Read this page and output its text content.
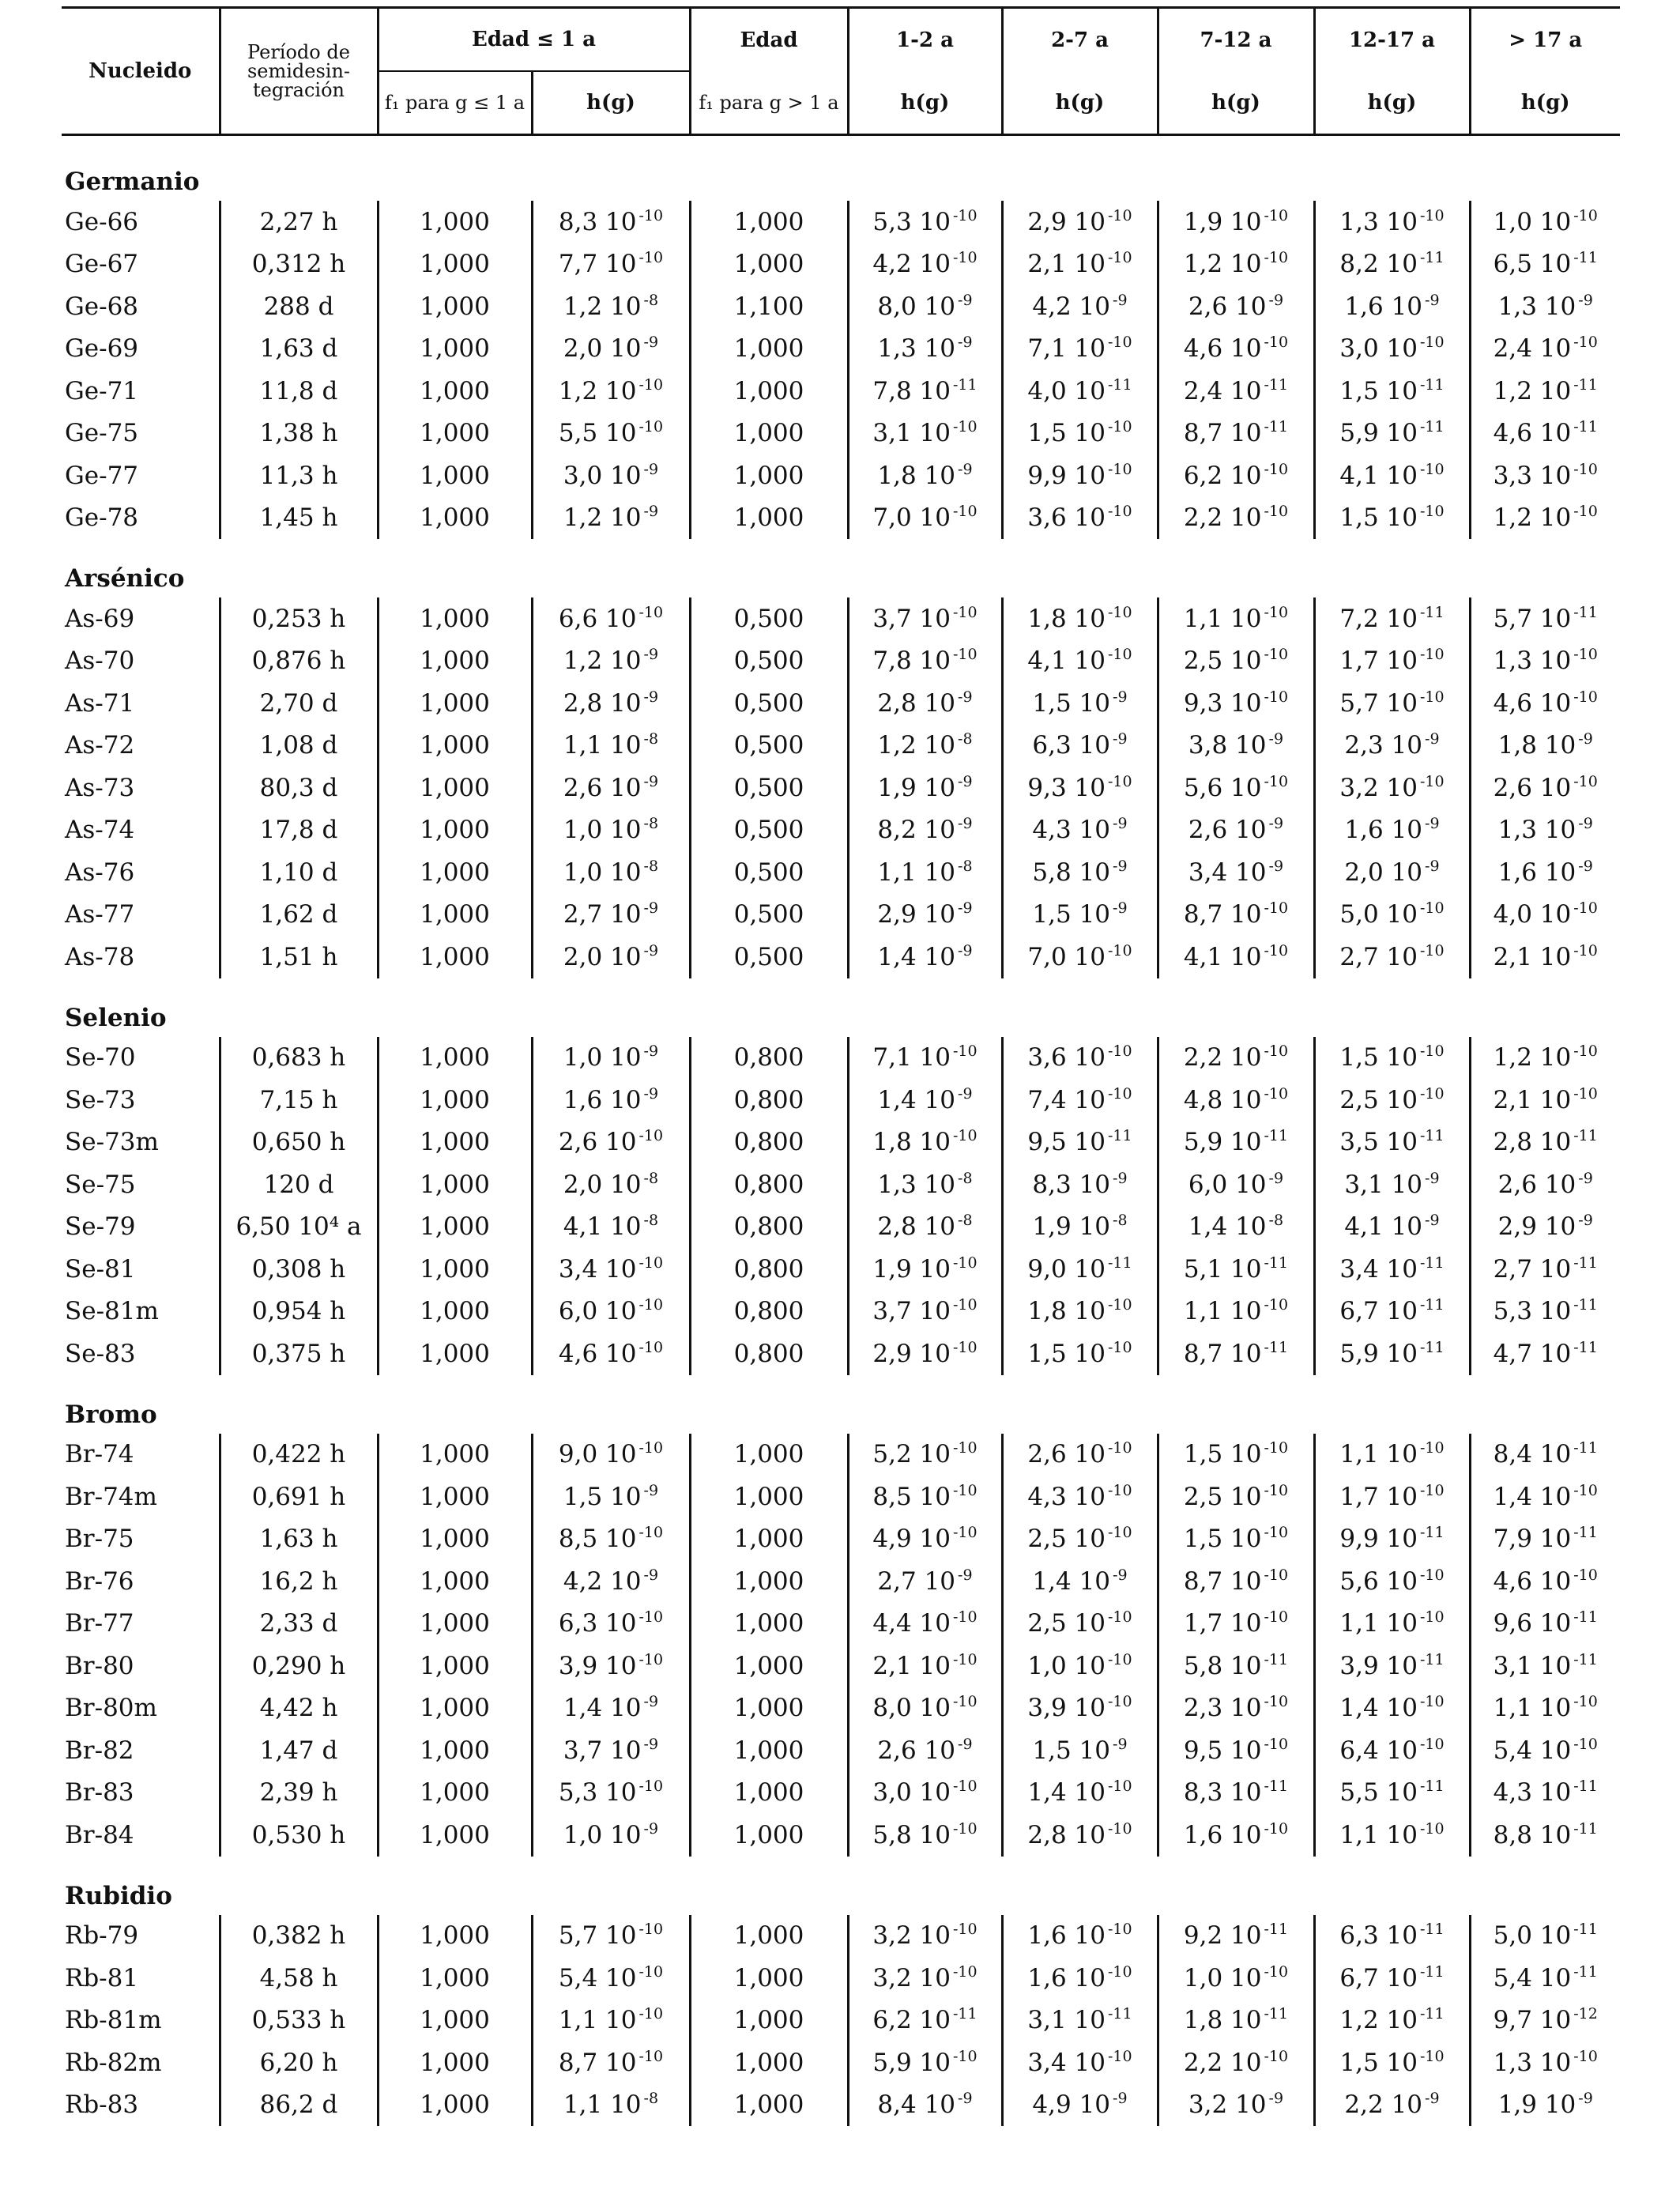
Nucleido	Período de semidesin- tegración	Edad ≤ 1 a		Edad	1-2 a	2-7 a	7-12 a	12-17 a	> 17 a
		f₁ para g ≤ 1 a	h(g)	f₁ para g > 1 a	h(g)	h(g)	h(g)	h(g)	h(g)
Germanio									
Ge-66	2,27 h	1,000	8,3 10 $^{-10}$	1,000	5,3 10 $^{-10}$	2,9 10 $^{-10}$	1,9 10 $^{-10}$	1,3 10 $^{-10}$	1,0 10 $^{-10}$
Ge-67	0,312 h	1,000	7,7 10 $^{-10}$	1,000	4,2 10 $^{-10}$	2,1 10 $^{-10}$	1,2 10 $^{-10}$	8,2 10 $^{-11}$	6,5 10 $^{-11}$
Ge-68	288 d	1,000	1,2 10 $^{-8}$	1,100	8,0 10 $^{-9}$	4,2 10 $^{-9}$	2,6 10 $^{-9}$	1,6 10 $^{-9}$	1,3 10 $^{-9}$
Ge-69	1,63 d	1,000	2,0 10 $^{-9}$	1,000	1,3 10 $^{-9}$	7,1 10 $^{-10}$	4,6 10 $^{-10}$	3,0 10 $^{-10}$	2,4 10 $^{-10}$
Ge-71	11,8 d	1,000	1,2 10 $^{-10}$	1,000	7,8 10 $^{-11}$	4,0 10 $^{-11}$	2,4 10 $^{-11}$	1,5 10 $^{-11}$	1,2 10 $^{-11}$
Ge-75	1,38 h	1,000	5,5 10 $^{-10}$	1,000	3,1 10 $^{-10}$	1,5 10 $^{-10}$	8,7 10 $^{-11}$	5,9 10 $^{-11}$	4,6 10 $^{-11}$
Ge-77	11,3 h	1,000	3,0 10 $^{-9}$	1,000	1,8 10 $^{-9}$	9,9 10 $^{-10}$	6,2 10 $^{-10}$	4,1 10 $^{-10}$	3,3 10 $^{-10}$
Ge-78	1,45 h	1,000	1,2 10 $^{-9}$	1,000	7,0 10 $^{-10}$	3,6 10 $^{-10}$	2,2 10 $^{-10}$	1,5 10 $^{-10}$	1,2 10 $^{-10}$
Arsénico									
As-69	0,253 h	1,000	6,6 10 $^{-10}$	0,500	3,7 10 $^{-10}$	1,8 10 $^{-10}$	1,1 10 $^{-10}$	7,2 10 $^{-11}$	5,7 10 $^{-11}$
As-70	0,876 h	1,000	1,2 10 $^{-9}$	0,500	7,8 10 $^{-10}$	4,1 10 $^{-10}$	2,5 10 $^{-10}$	1,7 10 $^{-10}$	1,3 10 $^{-10}$
As-71	2,70 d	1,000	2,8 10 $^{-9}$	0,500	2,8 10 $^{-9}$	1,5 10 $^{-9}$	9,3 10 $^{-10}$	5,7 10 $^{-10}$	4,6 10 $^{-10}$
As-72	1,08 d	1,000	1,1 10 $^{-8}$	0,500	1,2 10 $^{-8}$	6,3 10 $^{-9}$	3,8 10 $^{-9}$	2,3 10 $^{-9}$	1,8 10 $^{-9}$
As-73	80,3 d	1,000	2,6 10 $^{-9}$	0,500	1,9 10 $^{-9}$	9,3 10 $^{-10}$	5,6 10 $^{-10}$	3,2 10 $^{-10}$	2,6 10 $^{-10}$
As-74	17,8 d	1,000	1,0 10 $^{-8}$	0,500	8,2 10 $^{-9}$	4,3 10 $^{-9}$	2,6 10 $^{-9}$	1,6 10 $^{-9}$	1,3 10 $^{-9}$
As-76	1,10 d	1,000	1,0 10 $^{-8}$	0,500	1,1 10 $^{-8}$	5,8 10 $^{-9}$	3,4 10 $^{-9}$	2,0 10 $^{-9}$	1,6 10 $^{-9}$
As-77	1,62 d	1,000	2,7 10 $^{-9}$	0,500	2,9 10 $^{-9}$	1,5 10 $^{-9}$	8,7 10 $^{-10}$	5,0 10 $^{-10}$	4,0 10 $^{-10}$
As-78	1,51 h	1,000	2,0 10 $^{-9}$	0,500	1,4 10 $^{-9}$	7,0 10 $^{-10}$	4,1 10 $^{-10}$	2,7 10 $^{-10}$	2,1 10 $^{-10}$
Selenio									
Se-70	0,683 h	1,000	1,0 10 $^{-9}$	0,800	7,1 10 $^{-10}$	3,6 10 $^{-10}$	2,2 10 $^{-10}$	1,5 10 $^{-10}$	1,2 10 $^{-10}$
Se-73	7,15 h	1,000	1,6 10 $^{-9}$	0,800	1,4 10 $^{-9}$	7,4 10 $^{-10}$	4,8 10 $^{-10}$	2,5 10 $^{-10}$	2,1 10 $^{-10}$
Se-73m	0,650 h	1,000	2,6 10 $^{-10}$	0,800	1,8 10 $^{-10}$	9,5 10 $^{-11}$	5,9 10 $^{-11}$	3,5 10 $^{-11}$	2,8 10 $^{-11}$
Se-75	120 d	1,000	2,0 10 $^{-8}$	0,800	1,3 10 $^{-8}$	8,3 10 $^{-9}$	6,0 10 $^{-9}$	3,1 10 $^{-9}$	2,6 10 $^{-9}$
Se-79	6,50 10⁴ a	1,000	4,1 10 $^{-8}$	0,800	2,8 10 $^{-8}$	1,9 10 $^{-8}$	1,4 10 $^{-8}$	4,1 10 $^{-9}$	2,9 10 $^{-9}$
Se-81	0,308 h	1,000	3,4 10 $^{-10}$	0,800	1,9 10 $^{-10}$	9,0 10 $^{-11}$	5,1 10 $^{-11}$	3,4 10 $^{-11}$	2,7 10 $^{-11}$
Se-81m	0,954 h	1,000	6,0 10 $^{-10}$	0,800	3,7 10 $^{-10}$	1,8 10 $^{-10}$	1,1 10 $^{-10}$	6,7 10 $^{-11}$	5,3 10 $^{-11}$
Se-83	0,375 h	1,000	4,6 10 $^{-10}$	0,800	2,9 10 $^{-10}$	1,5 10 $^{-10}$	8,7 10 $^{-11}$	5,9 10 $^{-11}$	4,7 10 $^{-11}$
Bromo									
Br-74	0,422 h	1,000	9,0 10 $^{-10}$	1,000	5,2 10 $^{-10}$	2,6 10 $^{-10}$	1,5 10 $^{-10}$	1,1 10 $^{-10}$	8,4 10 $^{-11}$
Br-74m	0,691 h	1,000	1,5 10 $^{-9}$	1,000	8,5 10 $^{-10}$	4,3 10 $^{-10}$	2,5 10 $^{-10}$	1,7 10 $^{-10}$	1,4 10 $^{-10}$
Br-75	1,63 h	1,000	8,5 10 $^{-10}$	1,000	4,9 10 $^{-10}$	2,5 10 $^{-10}$	1,5 10 $^{-10}$	9,9 10 $^{-11}$	7,9 10 $^{-11}$
Br-76	16,2 h	1,000	4,2 10 $^{-9}$	1,000	2,7 10 $^{-9}$	1,4 10 $^{-9}$	8,7 10 $^{-10}$	5,6 10 $^{-10}$	4,6 10 $^{-10}$
Br-77	2,33 d	1,000	6,3 10 $^{-10}$	1,000	4,4 10 $^{-10}$	2,5 10 $^{-10}$	1,7 10 $^{-10}$	1,1 10 $^{-10}$	9,6 10 $^{-11}$
Br-80	0,290 h	1,000	3,9 10 $^{-10}$	1,000	2,1 10 $^{-10}$	1,0 10 $^{-10}$	5,8 10 $^{-11}$	3,9 10 $^{-11}$	3,1 10 $^{-11}$
Br-80m	4,42 h	1,000	1,4 10 $^{-9}$	1,000	8,0 10 $^{-10}$	3,9 10 $^{-10}$	2,3 10 $^{-10}$	1,4 10 $^{-10}$	1,1 10 $^{-10}$
Br-82	1,47 d	1,000	3,7 10 $^{-9}$	1,000	2,6 10 $^{-9}$	1,5 10 $^{-9}$	9,5 10 $^{-10}$	6,4 10 $^{-10}$	5,4 10 $^{-10}$
Br-83	2,39 h	1,000	5,3 10 $^{-10}$	1,000	3,0 10 $^{-10}$	1,4 10 $^{-10}$	8,3 10 $^{-11}$	5,5 10 $^{-11}$	4,3 10 $^{-11}$
Br-84	0,530 h	1,000	1,0 10 $^{-9}$	1,000	5,8 10 $^{-10}$	2,8 10 $^{-10}$	1,6 10 $^{-10}$	1,1 10 $^{-10}$	8,8 10 $^{-11}$
Rubidio									
Rb-79	0,382 h	1,000	5,7 10 $^{-10}$	1,000	3,2 10 $^{-10}$	1,6 10 $^{-10}$	9,2 10 $^{-11}$	6,3 10 $^{-11}$	5,0 10 $^{-11}$
Rb-81	4,58 h	1,000	5,4 10 $^{-10}$	1,000	3,2 10 $^{-10}$	1,6 10 $^{-10}$	1,0 10 $^{-10}$	6,7 10 $^{-11}$	5,4 10 $^{-11}$
Rb-81m	0,533 h	1,000	1,1 10 $^{-10}$	1,000	6,2 10 $^{-11}$	3,1 10 $^{-11}$	1,8 10 $^{-11}$	1,2 10 $^{-11}$	9,7 10 $^{-12}$
Rb-82m	6,20 h	1,000	8,7 10 $^{-10}$	1,000	5,9 10 $^{-10}$	3,4 10 $^{-10}$	2,2 10 $^{-10}$	1,5 10 $^{-10}$	1,3 10 $^{-10}$
Rb-83	86,2 d	1,000	1,1 10 $^{-8}$	1,000	8,4 10 $^{-9}$	4,9 10 $^{-9}$	3,2 10 $^{-9}$	2,2 10 $^{-9}$	1,9 10 $^{-9}$
